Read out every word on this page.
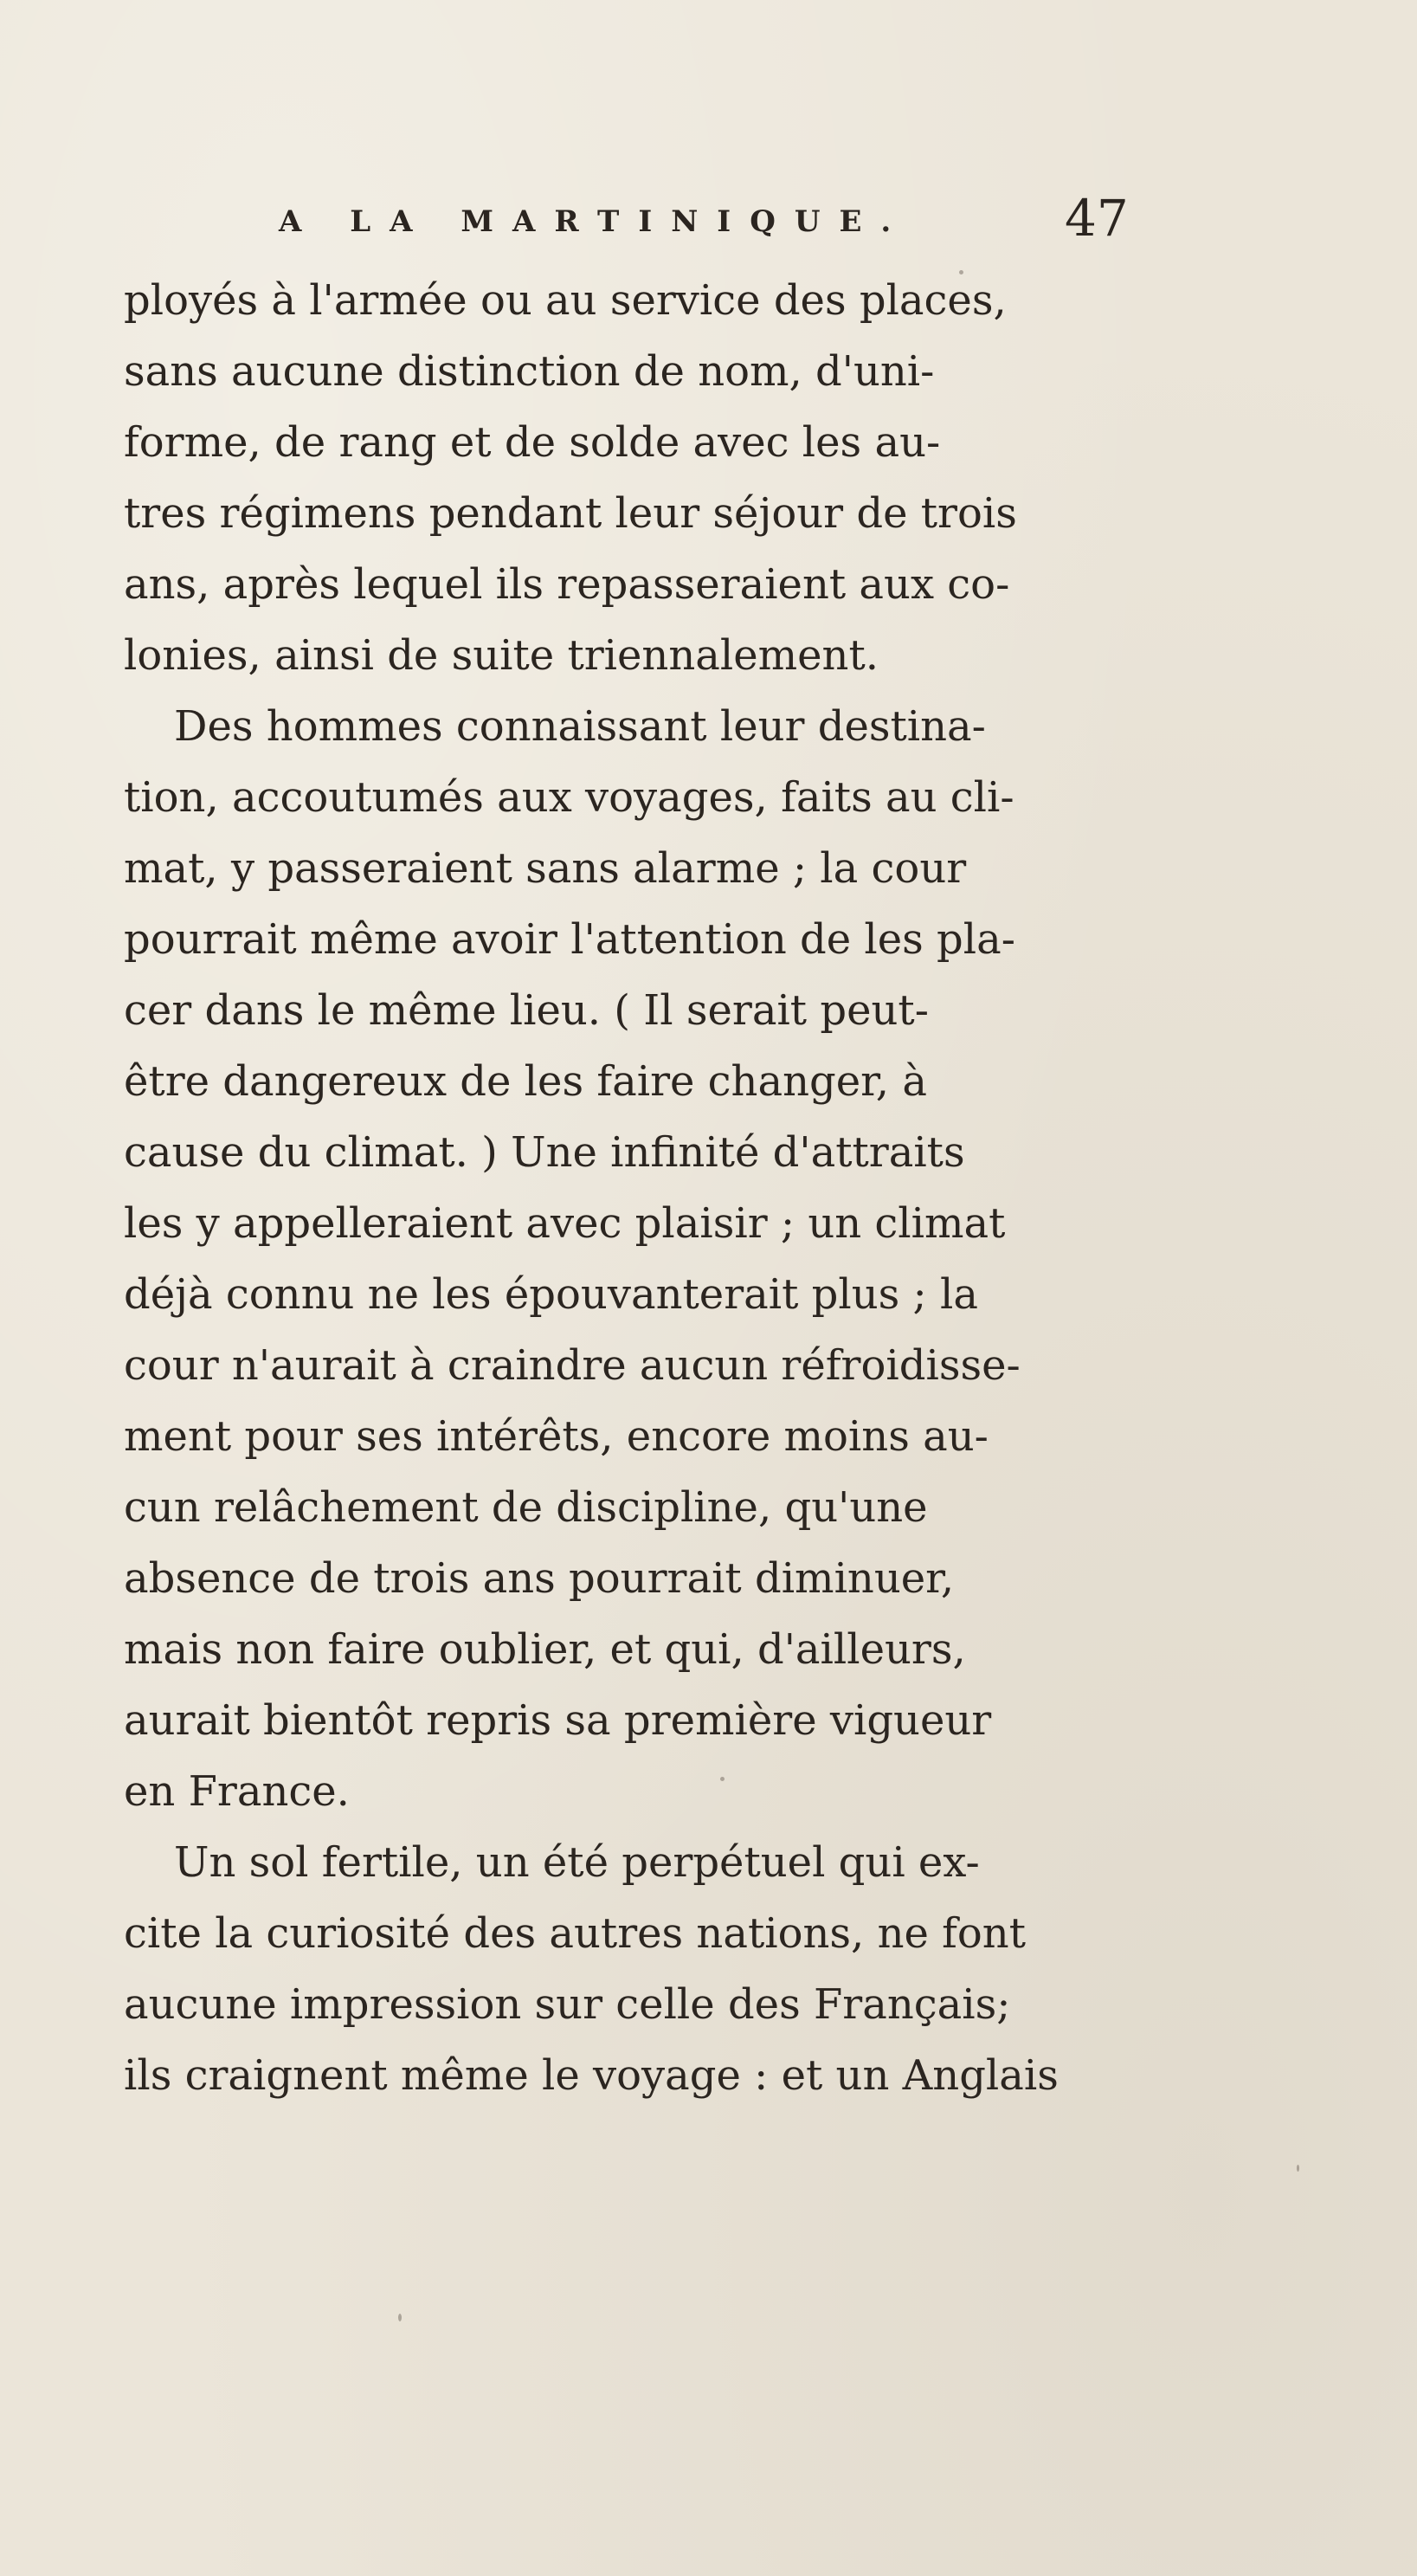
A LA MARTINIQUE.	47
ployés à l'armée ou au service des places,
sans aucune distinction de nom, d'uni-
forme, de rang et de solde avec les au-
tres régimens pendant leur séjour de trois
ans, après lequel ils repasseraient aux co-
lonies, ainsi de suite triennalement.
Des hommes connaissant leur destina-
tion, accoutumés aux voyages, faits au cli-
mat, y passeraient sans alarme ; la cour
pourrait même avoir l'attention de les pla-
cer dans le même lieu. ( Il serait peut-
être dangereux de les faire changer, à
cause du climat. ) Une infinité d'attraits
les y appelleraient avec plaisir ; un climat
déjà connu ne les épouvanterait plus ; la
cour n'aurait à craindre aucun réfroidisse-
ment pour ses intérêts, encore moins au-
cun relâchement de discipline, qu'une
absence de trois ans pourrait diminuer,
mais non faire oublier, et qui, d'ailleurs,
aurait bientôt repris sa première vigueur
en France.
Un sol fertile, un été perpétuel qui ex-
cite la curiosité des autres nations, ne font
aucune impression sur celle des Français;
ils craignent même le voyage : et un Anglais
